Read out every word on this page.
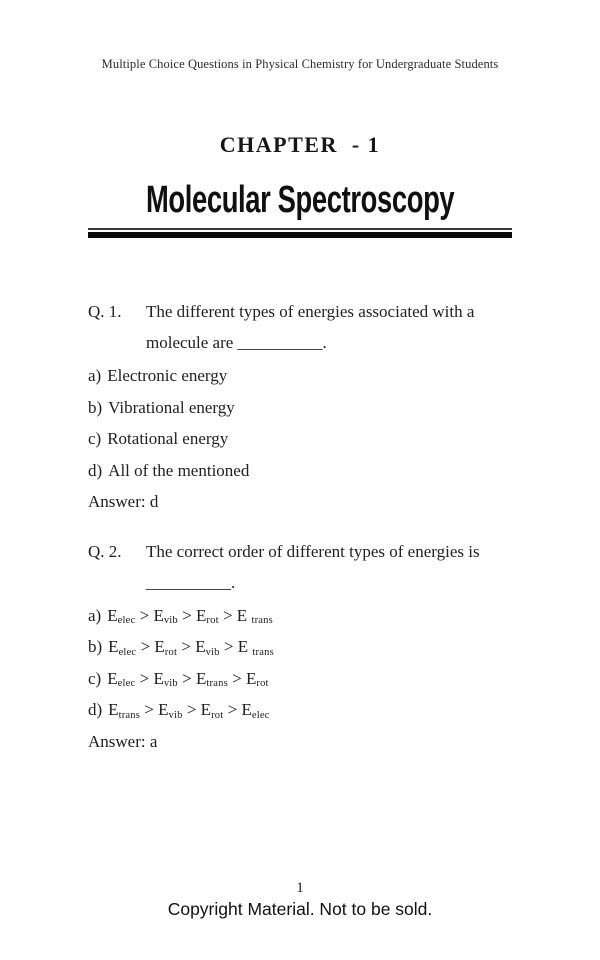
Multiple Choice Questions in Physical Chemistry for Undergraduate Students
CHAPTER  - 1
Molecular Spectroscopy
Q. 1.	The different types of energies associated with a
molecule are __________.
a) Electronic energy
b) Vibrational energy
c) Rotational energy
d) All of the mentioned
Answer: d
Q. 2.	The correct order of different types of energies is
__________.
a) $E_{elec} > E_{vib} > E_{rot} > E$ $_{trans}$
b) $E_{elec} > E_{rot} > E_{vib} > E$ $_{trans}$
c) $E_{elec} > E_{vib} > E_{trans} > E_{rot}$
d) $E_{trans} > E_{vib} > E_{rot} > E_{elec}$
Answer: a
1
Copyright Material. Not to be sold.
